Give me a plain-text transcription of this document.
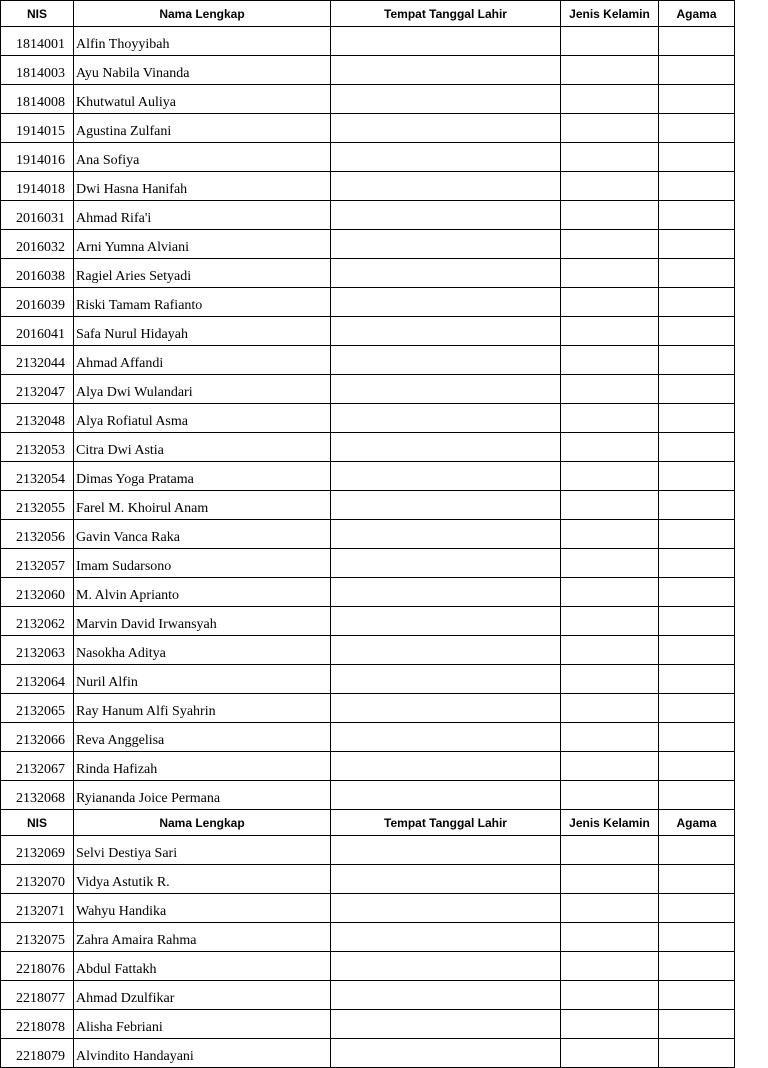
NIS	Nama Lengkap	Tempat Tanggal Lahir	Jenis Kelamin	Agama
1814001	Alfin Thoyyibah			
1814003	Ayu Nabila Vinanda			
1814008	Khutwatul Auliya			
1914015	Agustina Zulfani			
1914016	Ana Sofiya			
1914018	Dwi Hasna Hanifah			
2016031	Ahmad Rifa'i			
2016032	Arni Yumna Alviani			
2016038	Ragiel Aries Setyadi			
2016039	Riski Tamam Rafianto			
2016041	Safa Nurul Hidayah			
2132044	Ahmad Affandi			
2132047	Alya Dwi Wulandari			
2132048	Alya Rofiatul Asma			
2132053	Citra Dwi Astia			
2132054	Dimas Yoga Pratama			
2132055	Farel M. Khoirul Anam			
2132056	Gavin Vanca Raka			
2132057	Imam Sudarsono			
2132060	M. Alvin Aprianto			
2132062	Marvin David Irwansyah			
2132063	Nasokha Aditya			
2132064	Nuril Alfin			
2132065	Ray Hanum Alfi Syahrin			
2132066	Reva Anggelisa			
2132067	Rinda Hafizah			
2132068	Ryiananda Joice Permana			
NIS	Nama Lengkap	Tempat Tanggal Lahir	Jenis Kelamin	Agama
2132069	Selvi Destiya Sari			
2132070	Vidya Astutik R.			
2132071	Wahyu Handika			
2132075	Zahra Amaira Rahma			
2218076	Abdul Fattakh			
2218077	Ahmad Dzulfikar			
2218078	Alisha Febriani			
2218079	Alvindito Handayani			
